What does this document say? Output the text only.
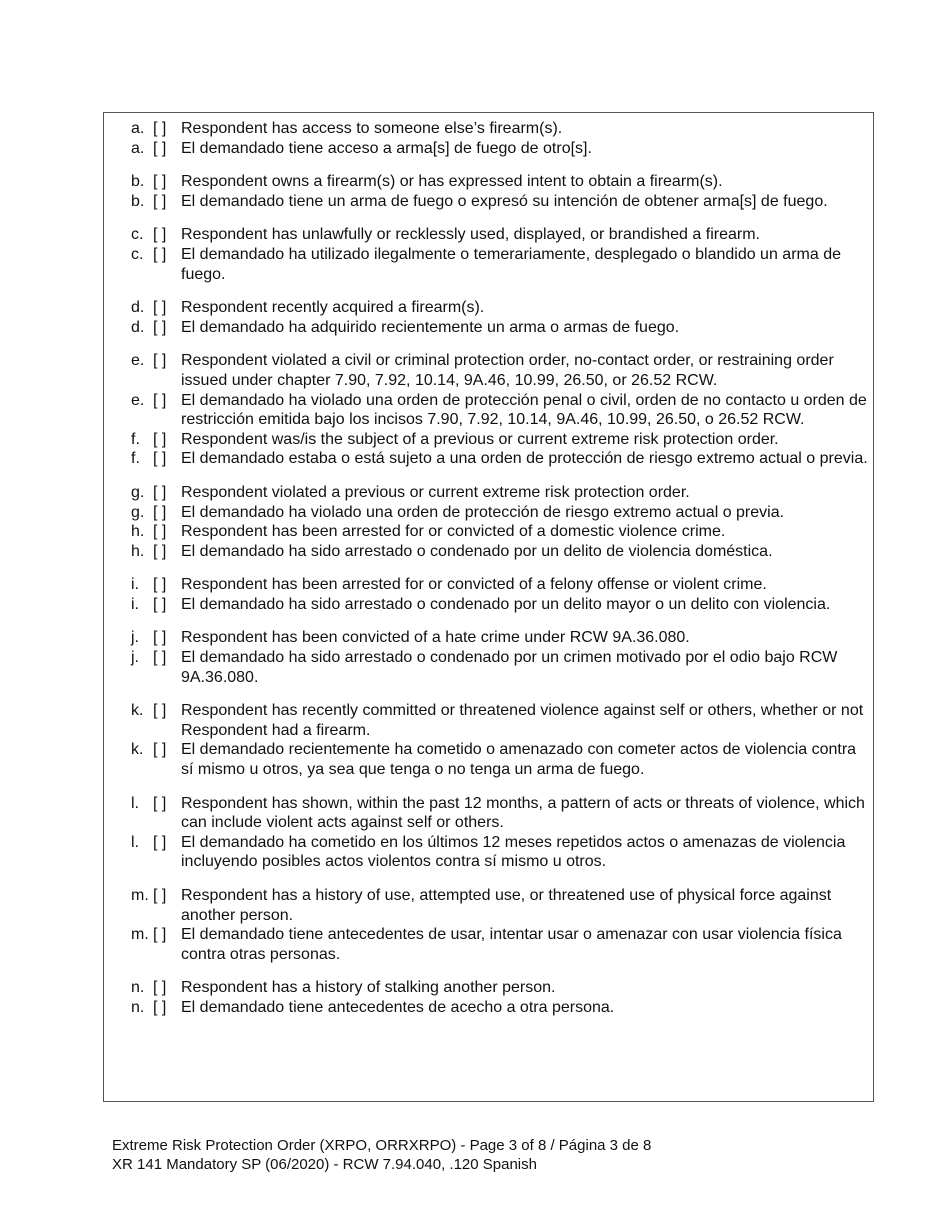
a. [ ] Respondent has access to someone else’s firearm(s).
a. [ ] El demandado tiene acceso a arma[s] de fuego de otro[s].
b. [ ] Respondent owns a firearm(s) or has expressed intent to obtain a firearm(s).
b. [ ] El demandado tiene un arma de fuego o expresó su intención de obtener arma[s] de fuego.
c. [ ] Respondent has unlawfully or recklessly used, displayed, or brandished a firearm.
c. [ ] El demandado ha utilizado ilegalmente o temerariamente, desplegado o blandido un arma de fuego.
d. [ ] Respondent recently acquired a firearm(s).
d. [ ] El demandado ha adquirido recientemente un arma o armas de fuego.
e. [ ] Respondent violated a civil or criminal protection order, no-contact order, or restraining order issued under chapter 7.90, 7.92, 10.14, 9A.46, 10.99, 26.50, or 26.52 RCW.
e. [ ] El demandado ha violado una orden de protección penal o civil, orden de no contacto u orden de restricción emitida bajo los incisos 7.90, 7.92, 10.14, 9A.46, 10.99, 26.50, o 26.52 RCW.
f. [ ] Respondent was/is the subject of a previous or current extreme risk protection order.
f. [ ] El demandado estaba o está sujeto a una orden de protección de riesgo extremo actual o previa.
g. [ ] Respondent violated a previous or current extreme risk protection order.
g. [ ] El demandado ha violado una orden de protección de riesgo extremo actual o previa.
h. [ ] Respondent has been arrested for or convicted of a domestic violence crime.
h. [ ] El demandado ha sido arrestado o condenado por un delito de violencia doméstica.
i. [ ] Respondent has been arrested for or convicted of a felony offense or violent crime.
i. [ ] El demandado ha sido arrestado o condenado por un delito mayor o un delito con violencia.
j. [ ] Respondent has been convicted of a hate crime under RCW 9A.36.080.
j. [ ] El demandado ha sido arrestado o condenado por un crimen motivado por el odio bajo RCW 9A.36.080.
k. [ ] Respondent has recently committed or threatened violence against self or others, whether or not Respondent had a firearm.
k. [ ] El demandado recientemente ha cometido o amenazado con cometer actos de violencia contra sí mismo u otros, ya sea que tenga o no tenga un arma de fuego.
l. [ ] Respondent has shown, within the past 12 months, a pattern of acts or threats of violence, which can include violent acts against self or others.
l. [ ] El demandado ha cometido en los últimos 12 meses repetidos actos o amenazas de violencia incluyendo posibles actos violentos contra sí mismo u otros.
m. [ ] Respondent has a history of use, attempted use, or threatened use of physical force against another person.
m. [ ] El demandado tiene antecedentes de usar, intentar usar o amenazar con usar violencia física contra otras personas.
n. [ ] Respondent has a history of stalking another person.
n. [ ] El demandado tiene antecedentes de acecho a otra persona.
Extreme Risk Protection Order (XRPO, ORRXRPO) - Page 3 of 8 / Página 3 de 8
XR 141 Mandatory SP (06/2020) - RCW 7.94.040, .120 Spanish
